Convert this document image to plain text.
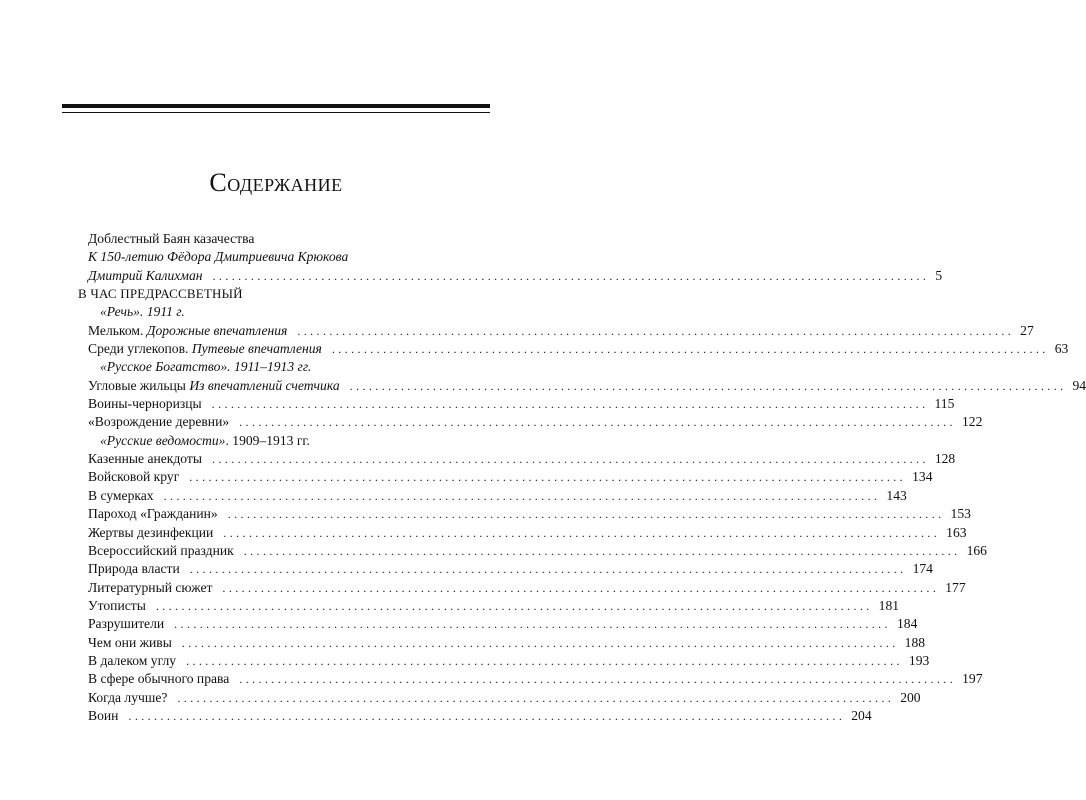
Содержание
Доблестный Баян казачества
К 150-летию Фёдора Дмитриевича Крюкова
Дмитрий Калихман ................................................................................................................ 5
В ЧАС ПРЕДРАССВЕТНЫЙ
«Речь». 1911 г.
Мельком. Дорожные впечатления ................................................................................................................ 27
Среди углекопов. Путевые впечатления ................................................................................................................ 63
«Русское Богатство». 1911–1913 гг.
Угловые жильцы Из впечатлений счетчика ................................................................................................................ 94
Воины-черноризцы ................................................................................................................ 115
«Возрождение деревни» ................................................................................................................ 122
«Русские ведомости». 1909–1913 гг.
Казенные анекдоты ................................................................................................................ 128
Войсковой круг ................................................................................................................ 134
В сумерках ................................................................................................................ 143
Пароход «Гражданин» ................................................................................................................ 153
Жертвы дезинфекции ................................................................................................................ 163
Всероссийский праздник ................................................................................................................ 166
Природа власти ................................................................................................................ 174
Литературный сюжет ................................................................................................................ 177
Утописты ................................................................................................................ 181
Разрушители ................................................................................................................ 184
Чем они живы ................................................................................................................ 188
В далеком углу ................................................................................................................ 193
В сфере обычного права ................................................................................................................ 197
Когда лучше? ................................................................................................................ 200
Воин ................................................................................................................ 204
